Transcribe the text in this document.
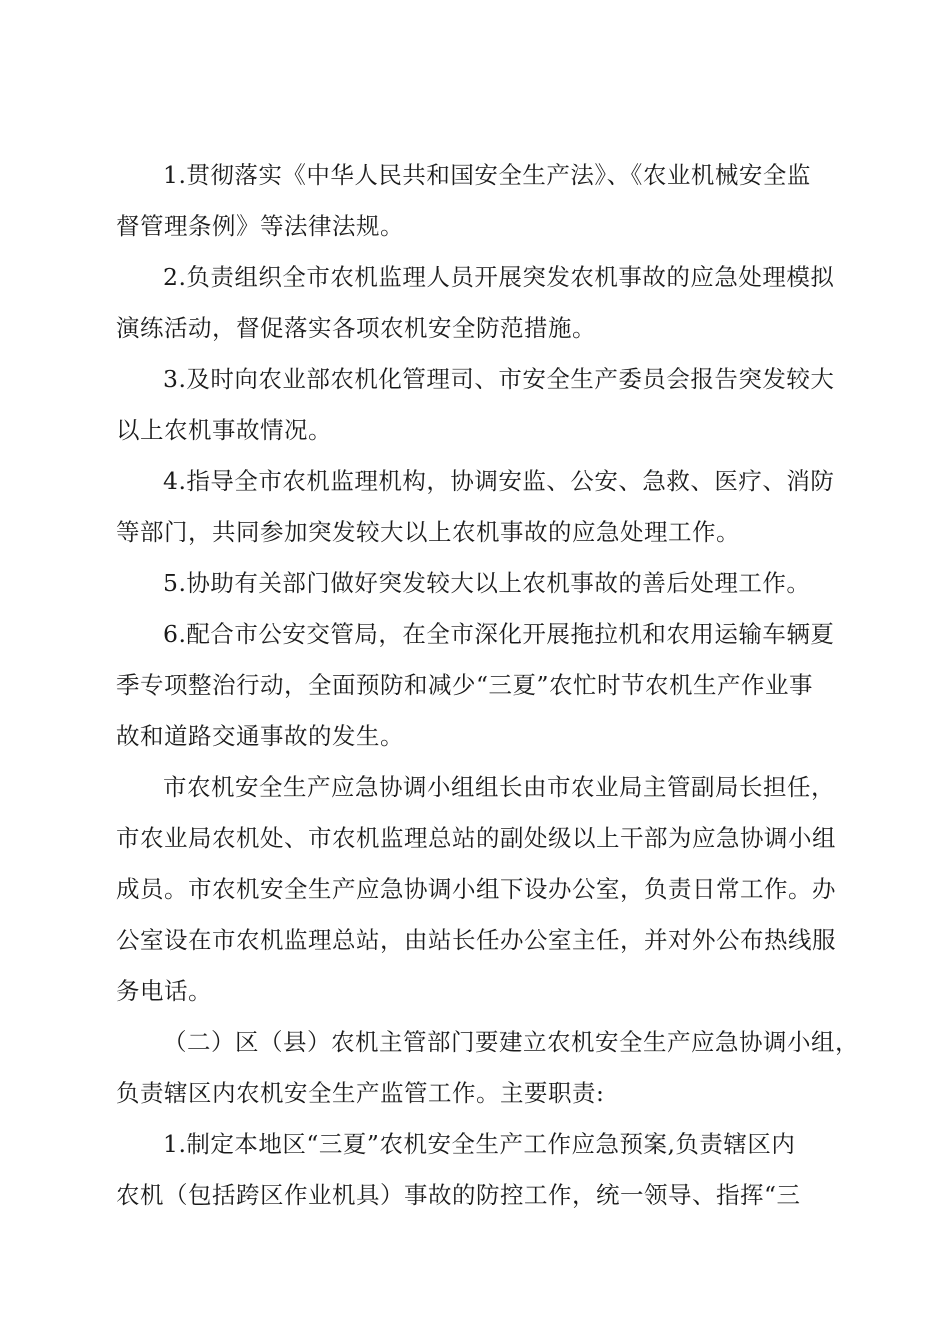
1.贯彻落实《中华人民共和国安全生产法》、《农业机械安全监
督管理条例》等法律法规。
2.负责组织全市农机监理人员开展突发农机事故的应急处理模拟
演练活动，督促落实各项农机安全防范措施。
3.及时向农业部农机化管理司、市安全生产委员会报告突发较大
以上农机事故情况。
4.指导全市农机监理机构，协调安监、公安、急救、医疗、消防
等部门，共同参加突发较大以上农机事故的应急处理工作。
5.协助有关部门做好突发较大以上农机事故的善后处理工作。
6.配合市公安交管局，在全市深化开展拖拉机和农用运输车辆夏
季专项整治行动，全面预防和减少“三夏”农忙时节农机生产作业事
故和道路交通事故的发生。
市农机安全生产应急协调小组组长由市农业局主管副局长担任，
市农业局农机处、市农机监理总站的副处级以上干部为应急协调小组
成员。市农机安全生产应急协调小组下设办公室，负责日常工作。办
公室设在市农机监理总站，由站长任办公室主任，并对外公布热线服
务电话。
（二）区（县）农机主管部门要建立农机安全生产应急协调小组，
负责辖区内农机安全生产监管工作。主要职责:
1.制定本地区“三夏”农机安全生产工作应急预案,负责辖区内
农机（包括跨区作业机具）事故的防控工作，统一领导、指挥“三
